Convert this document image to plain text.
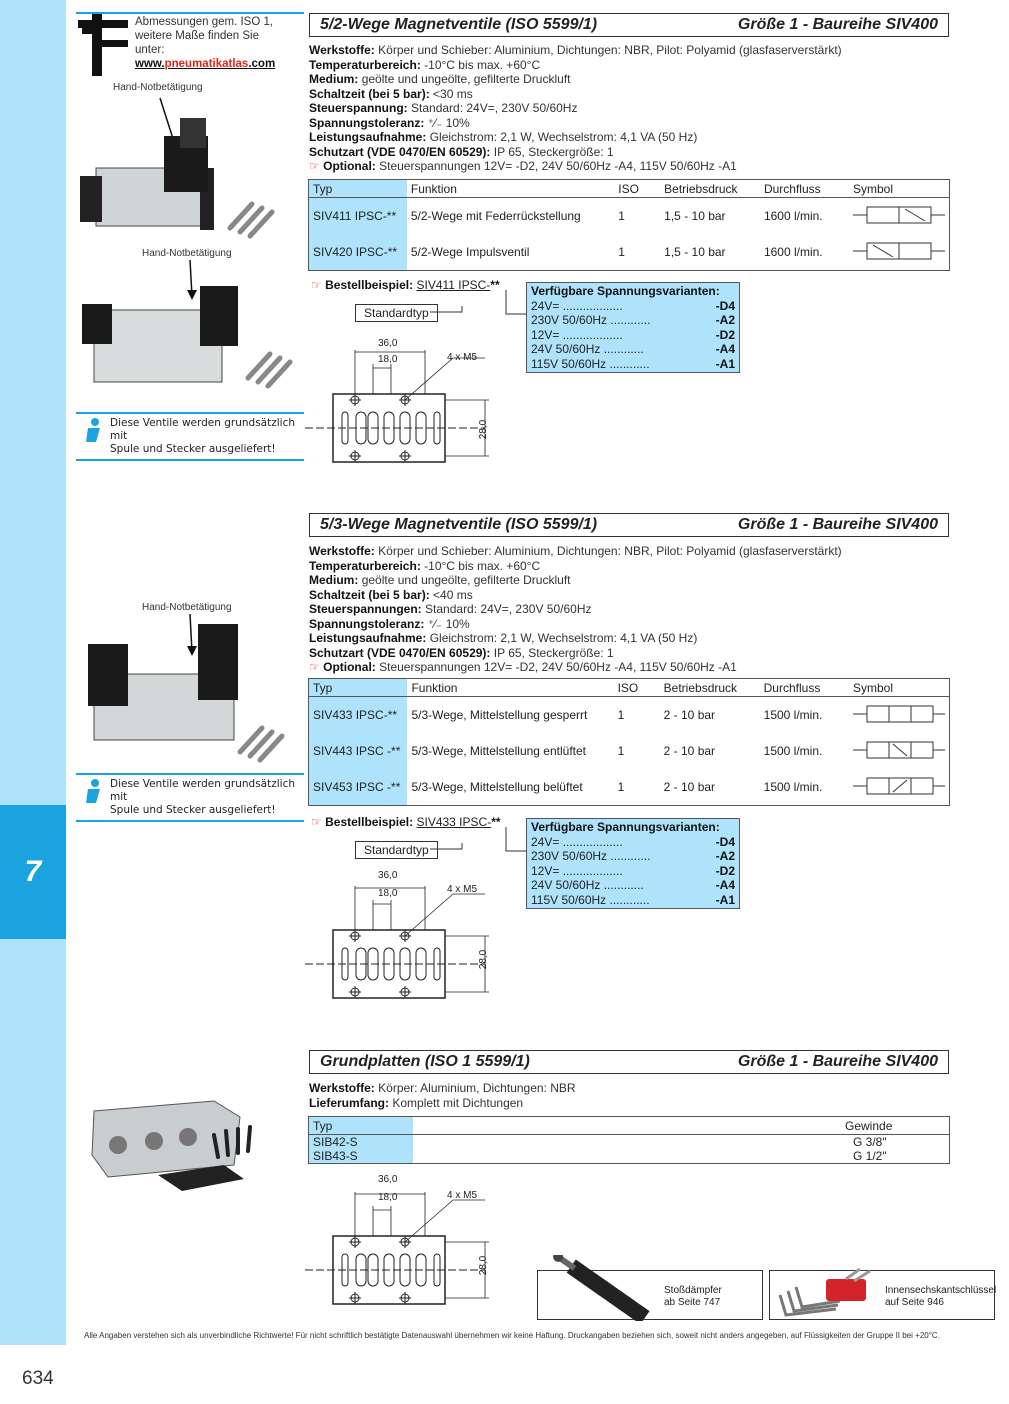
7
634
Abmessungen gem. ISO 1,
weitere Maße finden Sie
unter:
www.pneumatikatlas.com
Hand-Notbetätigung
Hand-Notbetätigung
Diese Ventile werden grundsätzlich mit
Spule und Stecker ausgeliefert!
Hand-Notbetätigung
Diese Ventile werden grundsätzlich mit
Spule und Stecker ausgeliefert!
5/2-Wege Magnetventile (ISO 5599/1)	Größe 1 - Baureihe SIV400
Werkstoffe: Körper und Schieber: Aluminium, Dichtungen: NBR, Pilot: Polyamid (glasfaserverstärkt)
Temperaturbereich: -10°C bis max. +60°C
Medium: geölte und ungeölte, gefilterte Druckluft
Schaltzeit (bei 5 bar): <30 ms
Steuerspannung: Standard: 24V=, 230V 50/60Hz
Spannungstoleranz: ⁺⁄₋ 10%
Leistungsaufnahme: Gleichstrom: 2,1 W, Wechselstrom: 4,1 VA (50 Hz)
Schutzart (VDE 0470/EN 60529): IP 65, Steckergröße: 1
☞ Optional: Steuerspannungen 12V= -D2, 24V 50/60Hz -A4, 115V 50/60Hz -A1
Typ	Funktion	ISO	Betriebsdruck	Durchfluss	Symbol
SIV411 IPSC-**	5/2-Wege mit Federrückstellung	1	1,5 - 10 bar	1600 l/min.	
SIV420 IPSC-**	5/2-Wege Impulsventil	1	1,5 - 10 bar	1600 l/min.	
☞ Bestellbeispiel: SIV411 IPSC-**
Standardtyp
Verfügbare Spannungsvarianten:
24V= ..................	-D4
230V 50/60Hz ............	-A2
12V= ..................	-D2
24V 50/60Hz ............	-A4
115V 50/60Hz ............	-A1
36,0
18,0	4 x M5
28,0
5/3-Wege Magnetventile (ISO 5599/1)	Größe 1 - Baureihe SIV400
Werkstoffe: Körper und Schieber: Aluminium, Dichtungen: NBR, Pilot: Polyamid (glasfaserverstärkt)
Temperaturbereich: -10°C bis max. +60°C
Medium: geölte und ungeölte, gefilterte Druckluft
Schaltzeit (bei 5 bar): <40 ms
Steuerspannungen: Standard: 24V=, 230V 50/60Hz
Spannungstoleranz: ⁺⁄₋ 10%
Leistungsaufnahme: Gleichstrom: 2,1 W, Wechselstrom: 4,1 VA (50 Hz)
Schutzart (VDE 0470/EN 60529): IP 65, Steckergröße: 1
☞ Optional: Steuerspannungen 12V= -D2, 24V 50/60Hz -A4, 115V 50/60Hz -A1
Typ	Funktion	ISO	Betriebsdruck	Durchfluss	Symbol
SIV433 IPSC-**	5/3-Wege, Mittelstellung gesperrt	1	2 - 10 bar	1500 l/min.	
SIV443 IPSC -**	5/3-Wege, Mittelstellung entlüftet	1	2 - 10 bar	1500 l/min.	
SIV453 IPSC -**	5/3-Wege, Mittelstellung belüftet	1	2 - 10 bar	1500 l/min.	
☞ Bestellbeispiel: SIV433 IPSC-**
Standardtyp
Verfügbare Spannungsvarianten:
24V= ..................	-D4
230V 50/60Hz ............	-A2
12V= ..................	-D2
24V 50/60Hz ............	-A4
115V 50/60Hz ............	-A1
36,0
18,0	4 x M5
28,0
Grundplatten (ISO 1 5599/1)	Größe 1 - Baureihe SIV400
Werkstoffe: Körper: Aluminium, Dichtungen: NBR
Lieferumfang: Komplett mit Dichtungen
Typ		Gewinde
SIB42-S		G 3/8"
SIB43-S		G 1/2"
36,0
18,0	4 x M5
28,0
Stoßdämpfer
ab Seite 747
Innensechskantschlüssel
auf Seite 946
Alle Angaben verstehen sich als unverbindliche Richtwerte! Für nicht schriftlich bestätigte Datenauswahl übernehmen wir keine Haftung. Druckangaben beziehen sich, soweit nicht anders angegeben, auf Flüssigkeiten der Gruppe II bei +20°C.
